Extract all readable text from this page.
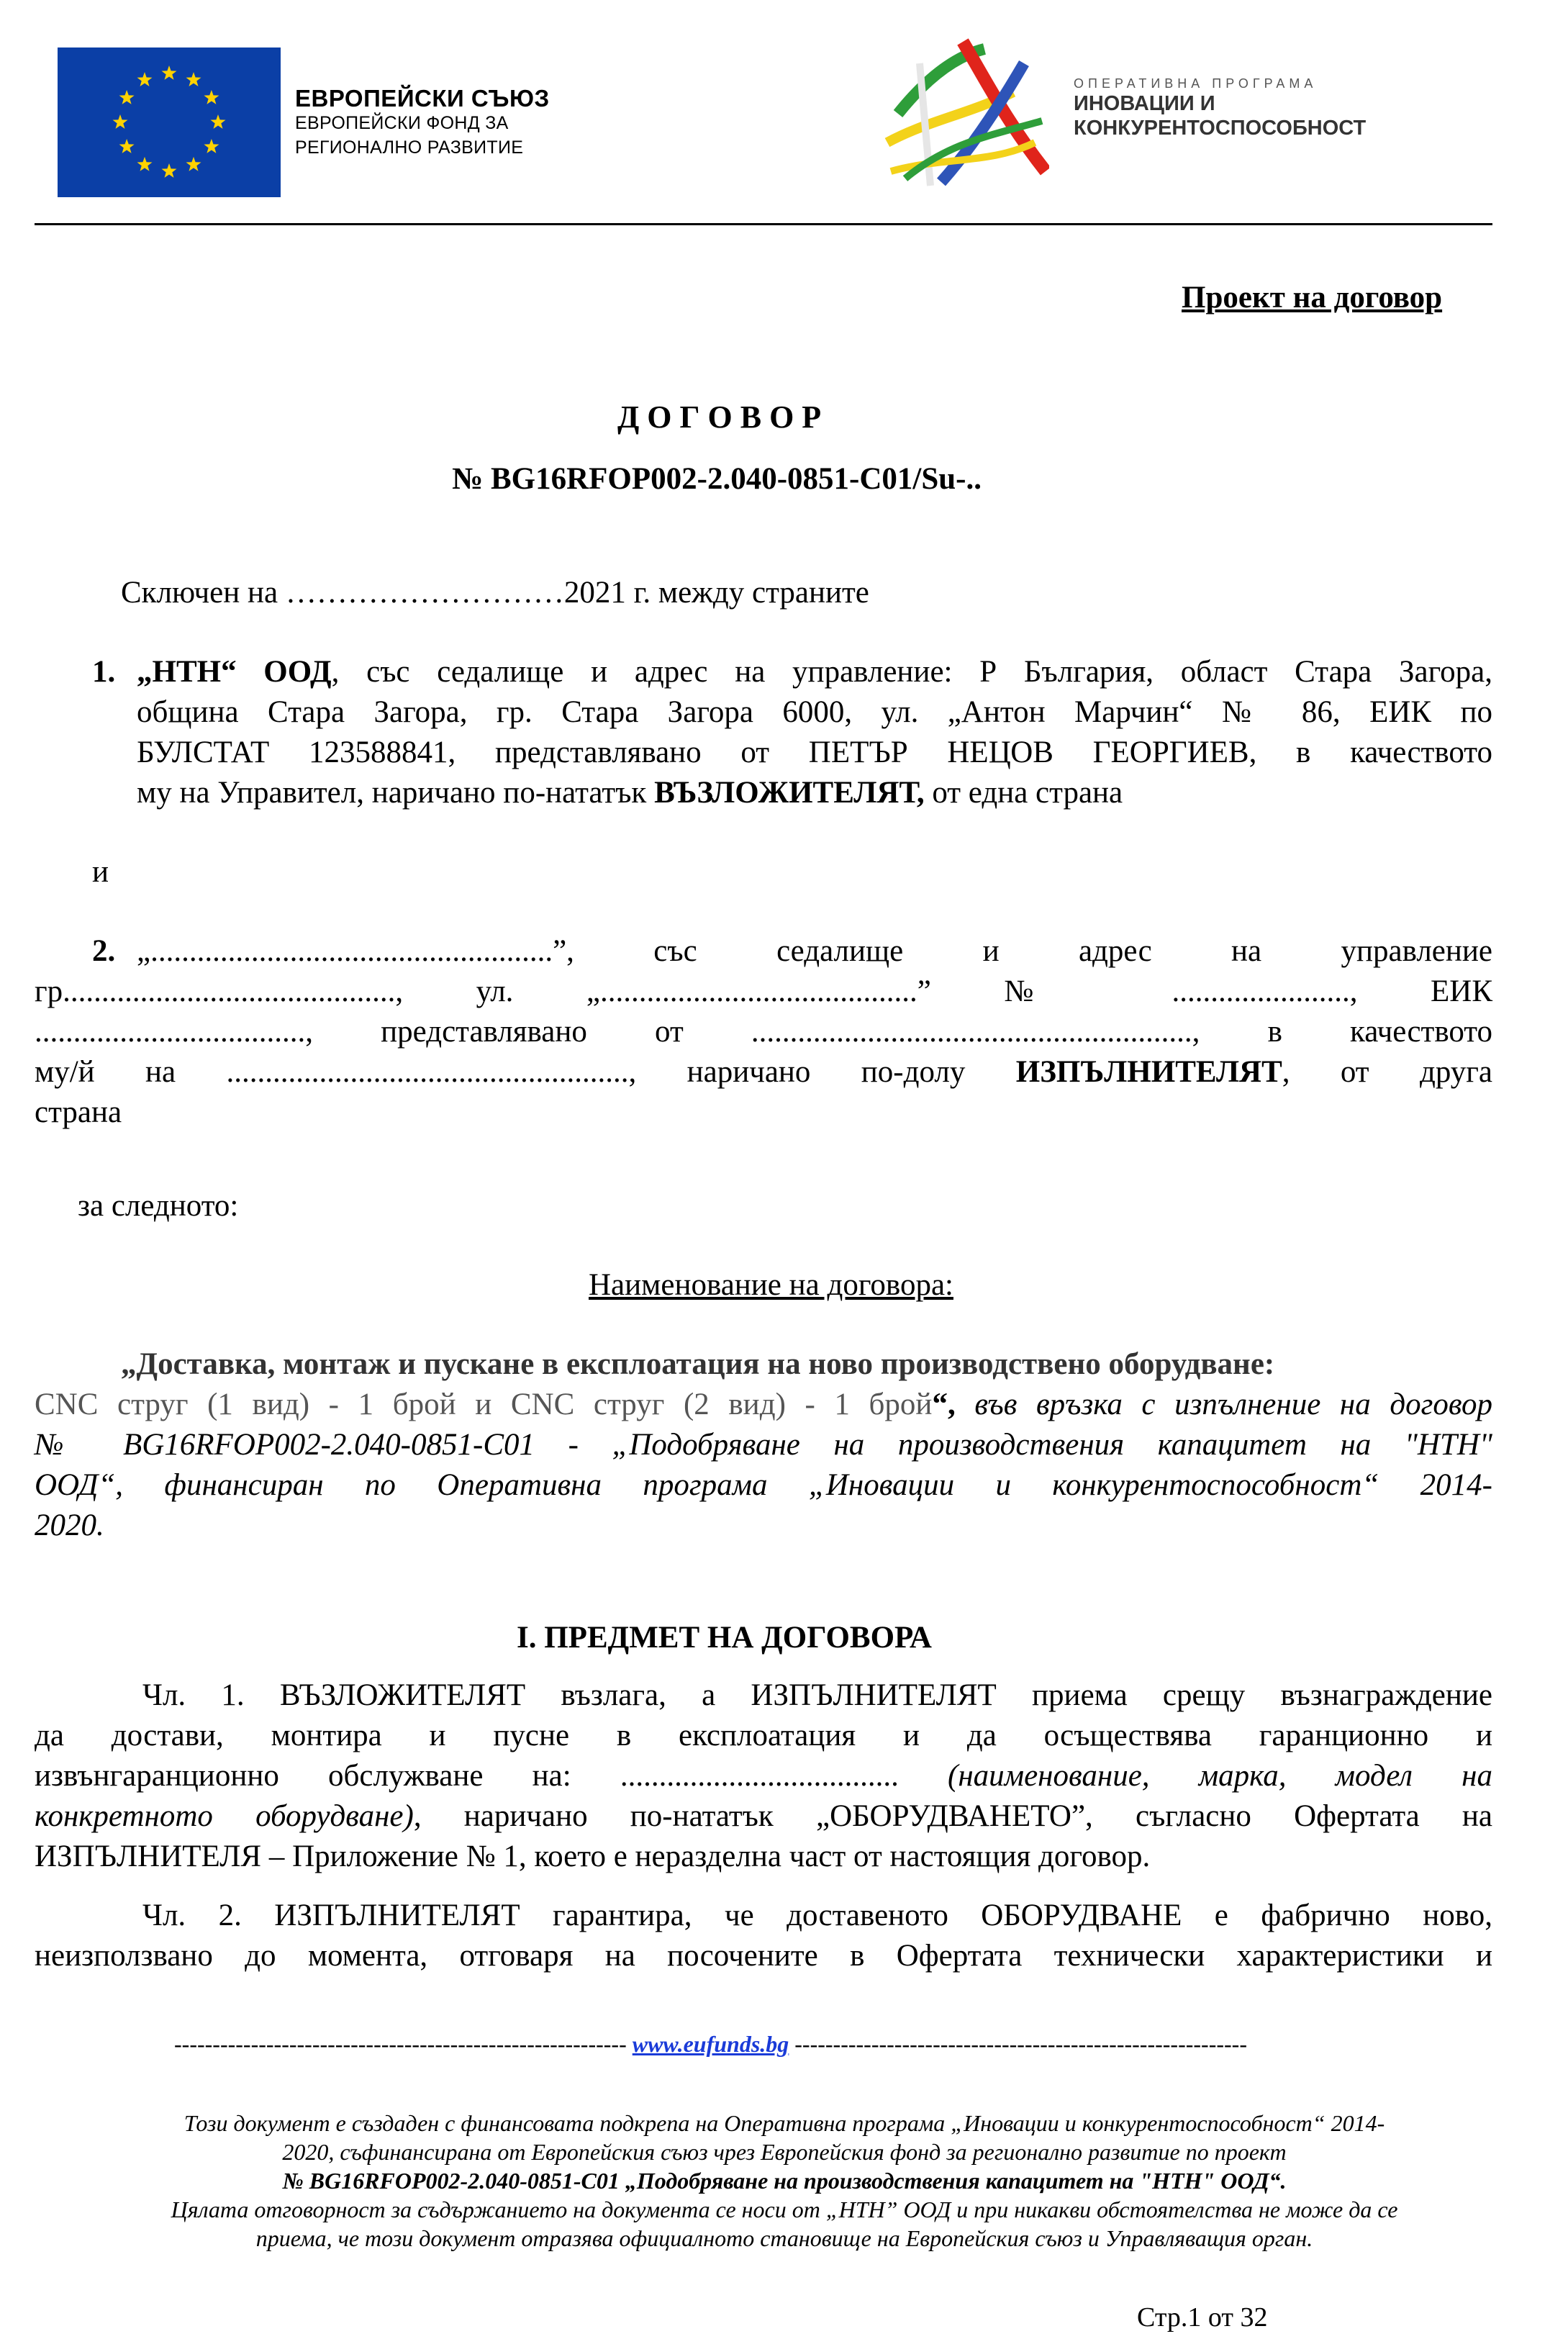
ЕВРОПЕЙСКИ СЪЮЗ
ЕВРОПЕЙСКИ ФОНД ЗА
РЕГИОНАЛНО РАЗВИТИЕ
ОПЕРАТИВНА ПРОГРАМА
ИНОВАЦИИ И
КОНКУРЕНТОСПОСОБНОСТ
Проект на договор
Д О Г О В О Р
№ BG16RFOP002-2.040-0851-C01/Su-..
Сключен на ………………………2021 г. между страните
1. „НТН“ ООД, със седалище и адрес на управление: Р България, област Стара Загора,
община Стара Загора, гр. Стара Загора 6000, ул. „Антон Марчин“ № 86, ЕИК по
БУЛСТАТ 123588841, представлявано от ПЕТЪР НЕЦОВ ГЕОРГИЕВ, в качеството
му на Управител, наричано по-нататък ВЪЗЛОЖИТЕЛЯТ, от една страна
и
2. „....................................................”, със седалище и адрес на управление
гр..........................................., ул. „.........................................” № ......................., ЕИК
..................................., представлявано от ........................................................., в качеството
му/й на ...................................................., наричано по-долу ИЗПЪЛНИТЕЛЯТ, от друга
страна
за следното:
Наименование на договора:
„Доставка, монтаж и пускане в експлоатация на ново производствено оборудване:
CNC струг (1 вид) - 1 брой и CNC струг (2 вид) - 1 брой“, във връзка с изпълнение на договор
№ BG16RFOP002-2.040-0851-C01 - „Подобряване на производствения капацитет на "НТН"
ООД“, финансиран по Оперативна програма „Иновации и конкурентоспособност“ 2014-
2020.
I. ПРЕДМЕТ НА ДОГОВОРА
Чл. 1. ВЪЗЛОЖИТЕЛЯТ възлага, а ИЗПЪЛНИТЕЛЯТ приема срещу възнаграждение
да достави, монтира и пусне в експлоатация и да осъществява гаранционно и
извънгаранционно обслужване на: .................................... (наименование, марка, модел на
конкретното оборудване), наричано по-нататък „ОБОРУДВАНЕТО”, съгласно Офертата на
ИЗПЪЛНИТЕЛЯ – Приложение № 1, което е неразделна част от настоящия договор.
Чл. 2. ИЗПЪЛНИТЕЛЯТ гарантира, че доставеното ОБОРУДВАНЕ е фабрично ново,
неизползвано до момента, отговаря на посочените в Офертата технически характеристики и
----------------------------------------------------------- www.eufunds.bg -----------------------------------------------------------
Този документ е създаден с финансовата подкрепа на Оперативна програма „Иновации и конкурентоспособност“ 2014-
2020, съфинансирана от Европейския съюз чрез Европейския фонд за регионално развитие по проект
№ BG16RFOP002-2.040-0851-C01 „Подобряване на производствения капацитет на "НТН" ООД“.
Цялата отговорност за съдържанието на документа се носи от „НТН” ООД и при никакви обстоятелства не може да се
приема, че този документ отразява официалното становище на Европейския съюз и Управляващия орган.
Стр.1 от 32
